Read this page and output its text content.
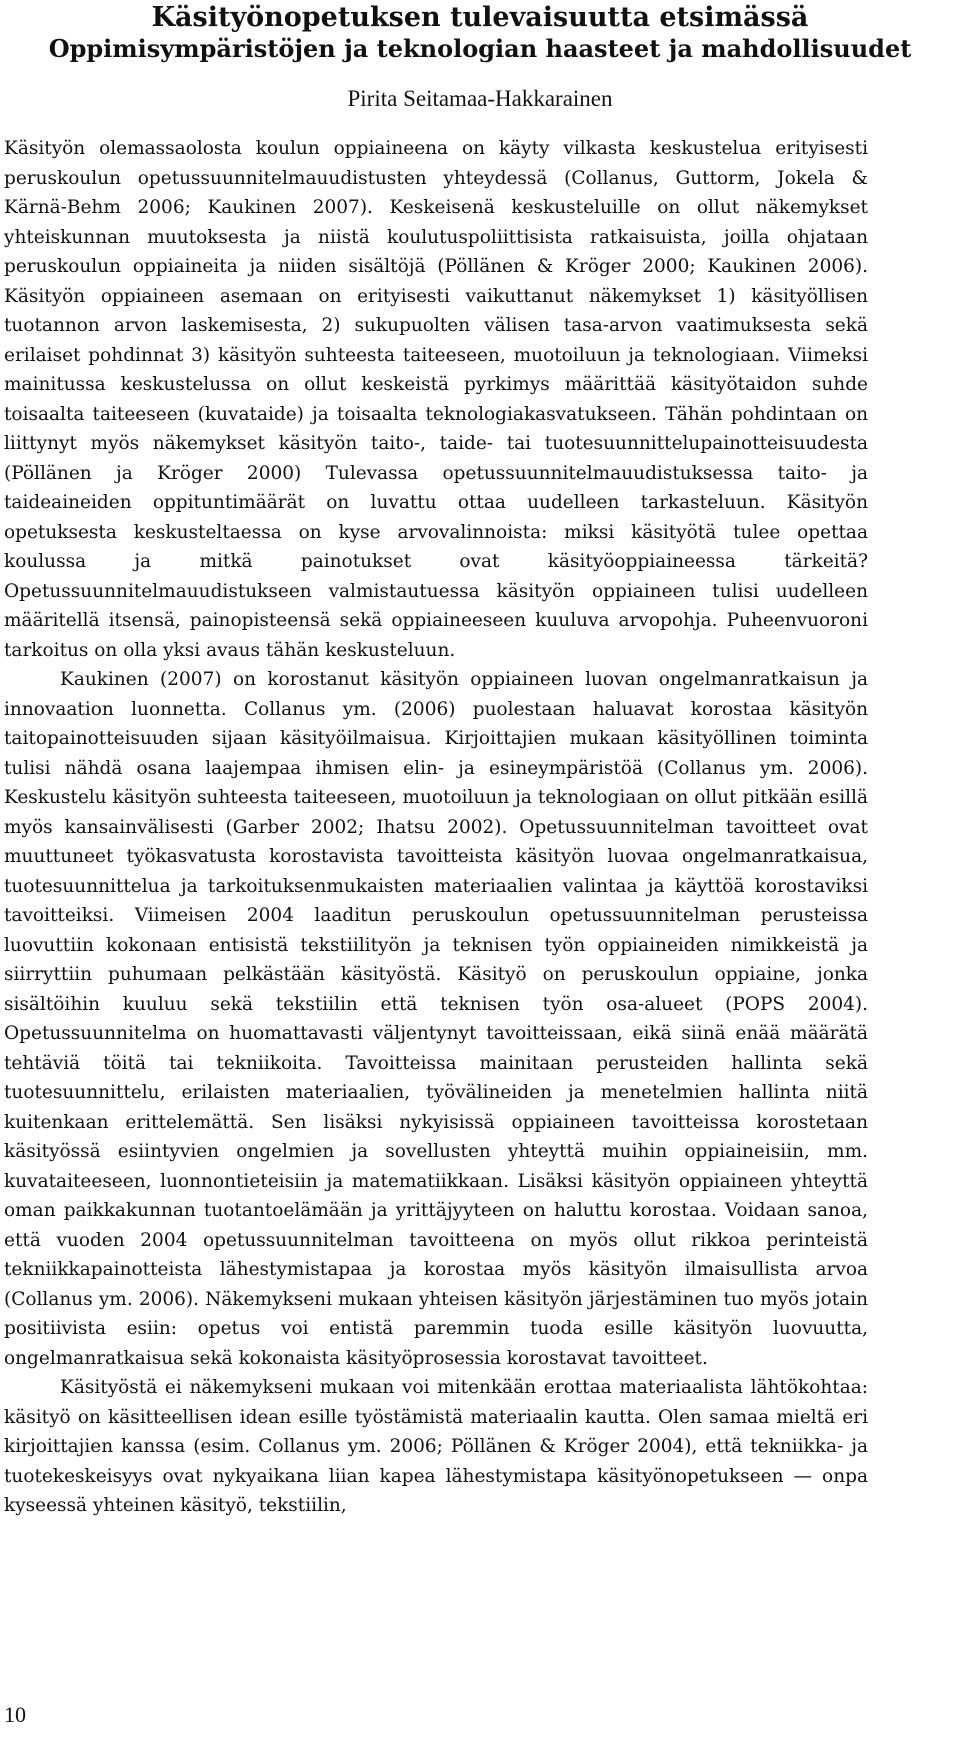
Käsityönopetuksen tulevaisuutta etsimässä
Oppimisympäristöjen ja teknologian haasteet ja mahdollisuudet
Pirita Seitamaa-Hakkarainen

Käsityön olemassaolosta koulun oppiaineena on käyty vilkasta keskustelua erityisesti peruskoulun opetussuunnitelmauudistusten yhteydessä (Collanus, Guttorm, Jokela & Kärnä-Behm 2006; Kaukinen 2007). Keskeisenä keskusteluille on ollut näkemykset yhteiskunnan muutoksesta ja niistä koulutuspoliittisista ratkaisuista, joilla ohjataan peruskoulun oppiaineita ja niiden sisältöjä (Pöllänen & Kröger 2000; Kaukinen 2006). Käsityön oppiaineen asemaan on erityisesti vaikuttanut näkemykset 1) käsityöllisen tuotannon arvon laskemisesta, 2) sukupuolten välisen tasa-arvon vaatimuksesta sekä erilaiset pohdinnat 3) käsityön suhteesta taiteeseen, muotoiluun ja teknologiaan. Viimeksi mainitussa keskustelussa on ollut keskeistä pyrkimys määrittää käsityötaidon suhde toisaalta taiteeseen (kuvataide) ja toisaalta teknologiakasvatukseen. Tähän pohdintaan on liittynyt myös näkemykset käsityön taito-, taide- tai tuotesuunnittelupainotteisuudesta (Pöllänen ja Kröger 2000) Tulevassa opetussuunnitelmauudistuksessa taito- ja taideaineiden oppituntimäärät on luvattu ottaa uudelleen tarkasteluun. Käsityön opetuksesta keskusteltaessa on kyse arvovalinnoista: miksi käsityötä tulee opettaa koulussa ja mitkä painotukset ovat käsityöoppiaineessa tärkeitä? Opetussuunnitelmauudistukseen valmistautuessa käsityön oppiaineen tulisi uudelleen määritellä itsensä, painopisteensä sekä oppiaineeseen kuuluva arvopohja. Puheenvuoroni tarkoitus on olla yksi avaus tähän keskusteluun.

Kaukinen (2007) on korostanut käsityön oppiaineen luovan ongelmanratkaisun ja innovaation luonnetta. Collanus ym. (2006) puolestaan haluavat korostaa käsityön taitopainotteisuuden sijaan käsityöilmaisua. Kirjoittajien mukaan käsityöllinen toiminta tulisi nähdä osana laajempaa ihmisen elin- ja esineympäristöä (Collanus ym. 2006). Keskustelu käsityön suhteesta taiteeseen, muotoiluun ja teknologiaan on ollut pitkään esillä myös kansainvälisesti (Garber 2002; Ihatsu 2002). Opetussuunnitelman tavoitteet ovat muuttuneet työkasvatusta korostavista tavoitteista käsityön luovaa ongelmanratkaisua, tuotesuunnittelua ja tarkoituksenmukaisten materiaalien valintaa ja käyttöä korostaviksi tavoitteiksi. Viimeisen 2004 laaditun peruskoulun opetussuunnitelman perusteissa luovuttiin kokonaan entisistä tekstiilityön ja teknisen työn oppiaineiden nimikkeistä ja siirryttiin puhumaan pelkästään käsityöstä. Käsityö on peruskoulun oppiaine, jonka sisältöihin kuuluu sekä tekstiilin että teknisen työn osa-alueet (POPS 2004). Opetussuunnitelma on huomattavasti väljentynyt tavoitteissaan, eikä siinä enää määrätä tehtäviä töitä tai tekniikoita. Tavoitteissa mainitaan perusteiden hallinta sekä tuotesuunnittelu, erilaisten materiaalien, työvälineiden ja menetelmien hallinta niitä kuitenkaan erittelemättä. Sen lisäksi nykyisissä oppiaineen tavoitteissa korostetaan käsityössä esiintyvien ongelmien ja sovellusten yhteyttä muihin oppiaineisiin, mm. kuvataiteeseen, luonnontieteisiin ja matematiikkaan. Lisäksi käsityön oppiaineen yhteyttä oman paikkakunnan tuotantoelämään ja yrittäjyyteen on haluttu korostaa. Voidaan sanoa, että vuoden 2004 opetussuunnitelman tavoitteena on myös ollut rikkoa perinteistä tekniikkapainotteista lähestymistapaa ja korostaa myös käsityön ilmaisullista arvoa (Collanus ym. 2006). Näkemykseni mukaan yhteisen käsityön järjestäminen tuo myös jotain positiivista esiin: opetus voi entistä paremmin tuoda esille käsityön luovuutta, ongelmanratkaisua sekä kokonaista käsityöprosessia korostavat tavoitteet.

Käsityöstä ei näkemykseni mukaan voi mitenkään erottaa materiaalista lähtökohtaa: käsityö on käsitteellisen idean esille työstämistä materiaalin kautta. Olen samaa mieltä eri kirjoittajien kanssa (esim. Collanus ym. 2006; Pöllänen & Kröger 2004), että tekniikka- ja tuotekeskeisyys ovat nykyaikana liian kapea lähestymistapa käsityönopetukseen — onpa kyseessä yhteinen käsityö, tekstiilin,

10
